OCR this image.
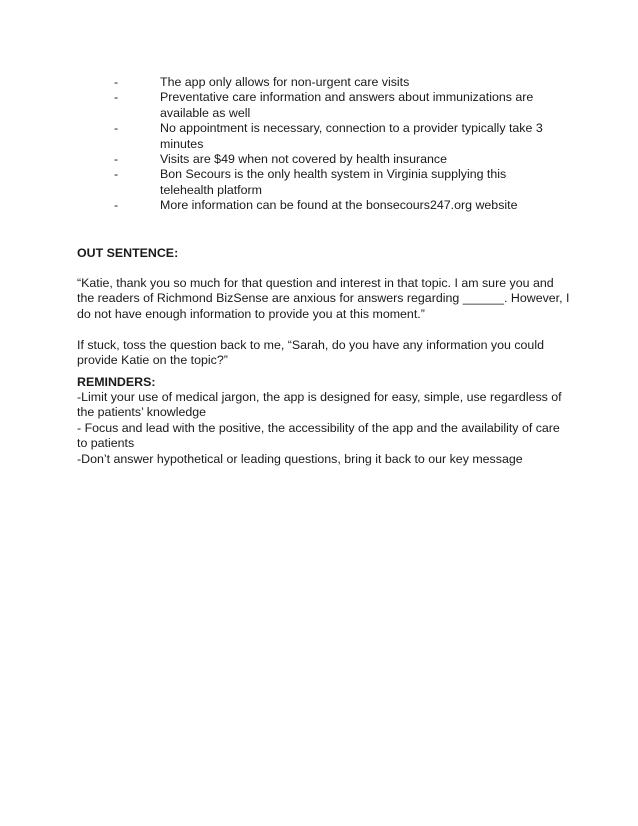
-	The app only allows for non-urgent care visits
-	Preventative care information and answers about immunizations are available as well
-	No appointment is necessary, connection to a provider typically take 3 minutes
-	Visits are $49 when not covered by health insurance
-	Bon Secours is the only health system in Virginia supplying this telehealth platform
-	More information can be found at the bonsecours247.org website

OUT SENTENCE:

“Katie, thank you so much for that question and interest in that topic. I am sure you and the readers of Richmond BizSense are anxious for answers regarding ______. However, I do not have enough information to provide you at this moment.”

If stuck, toss the question back to me, “Sarah, do you have any information you could provide Katie on the topic?”

REMINDERS:

-Limit your use of medical jargon, the app is designed for easy, simple, use regardless of the patients’ knowledge

- Focus and lead with the positive, the accessibility of the app and the availability of care to patients

-Don’t answer hypothetical or leading questions, bring it back to our key message
